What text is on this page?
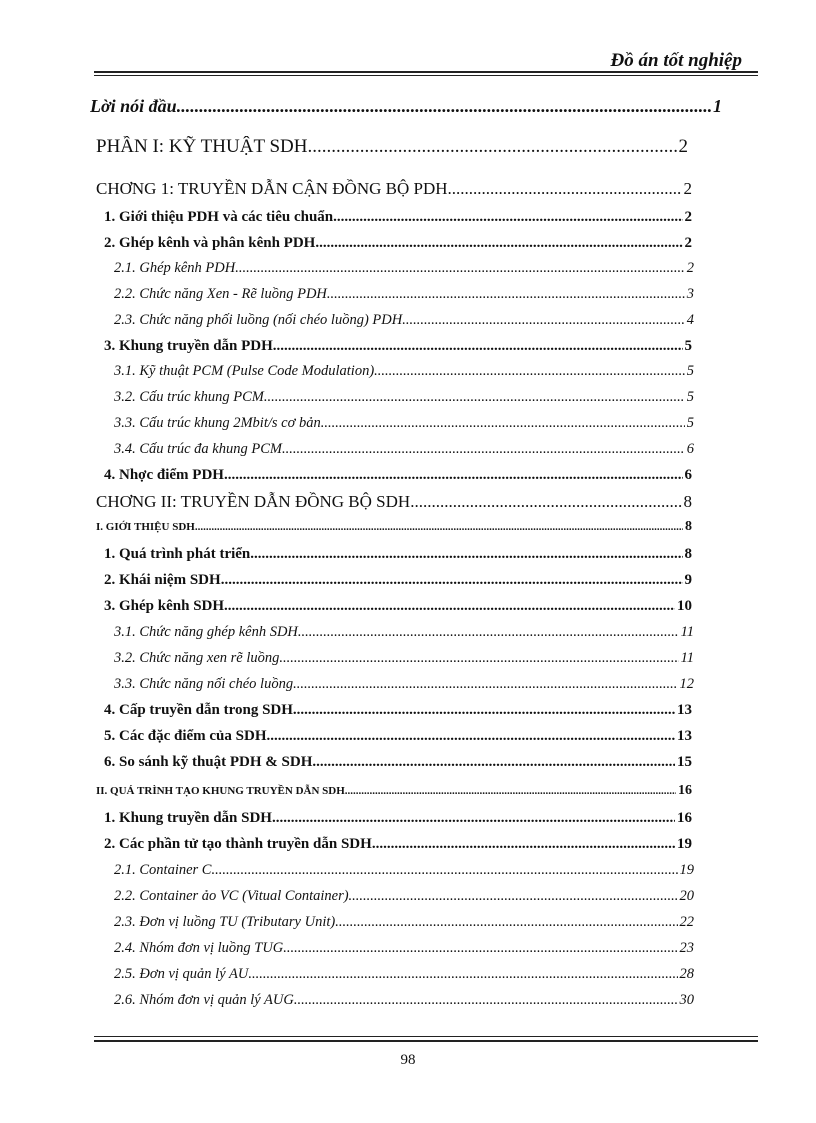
Đồ án tốt nghiệp
Lời nói đầu .....	1
PHẦN I: KỸ THUẬT SDH .....	2
CHƠNG 1: TRUYỀN DẪN CẬN ĐỒNG BỘ PDH .....	2
1. Giới thiệu PDH và các tiêu chuẩn .....	2
2. Ghép kênh và phân kênh PDH .....	2
2.1. Ghép kênh PDH .....	2
2.2. Chức năng Xen - Rẽ luồng PDH .....	3
2.3. Chức năng phối luồng (nối chéo luồng) PDH .....	4
3. Khung truyền dẫn PDH .....	5
3.1. Kỹ thuật PCM (Pulse Code Modulation) .....	5
3.2. Cấu trúc khung PCM .....	5
3.3. Cấu trúc khung 2Mbit/s cơ bản .....	5
3.4. Cấu trúc đa khung PCM .....	6
4. Nhợc điểm PDH .....	6
CHƠNG II: TRUYỀN DẪN ĐỒNG BỘ SDH .....	8
I. GIỚI THIỆU SDH .....	8
1. Quá trình phát triển .....	8
2. Khái niệm SDH .....	9
3. Ghép kênh SDH .....	10
3.1. Chức năng ghép kênh SDH .....	11
3.2. Chức năng xen rẽ luồng .....	11
3.3. Chức năng nối chéo luồng .....	12
4. Cấp truyền dẫn trong SDH .....	13
5. Các đặc điểm của SDH .....	13
6. So sánh kỹ thuật PDH & SDH .....	15
II. QUÁ TRÌNH TẠO KHUNG TRUYỀN DẪN SDH .....	16
1. Khung truyền dẫn SDH .....	16
2. Các phần tử tạo thành truyền dẫn SDH .....	19
2.1. Container C .....	19
2.2. Container ảo VC (Vitual Container) .....	20
2.3. Đơn vị luồng TU (Tributary Unit) .....	22
2.4. Nhóm đơn vị luồng TUG .....	23
2.5. Đơn vị quản lý AU .....	28
2.6. Nhóm đơn vị quản lý AUG .....	30
98
